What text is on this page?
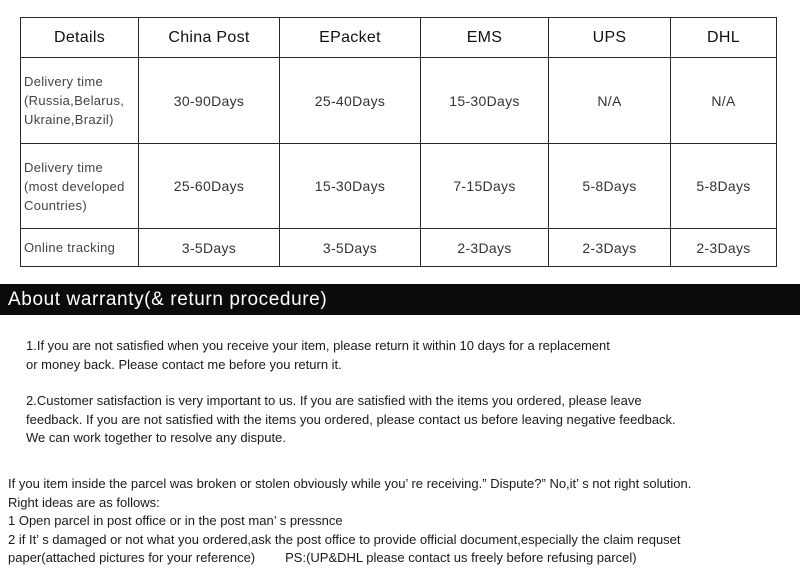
Details	China Post	EPacket	EMS	UPS	DHL
Delivery time
(Russia,Belarus,
Ukraine,Brazil)	30-90Days	25-40Days	15-30Days	N/A	N/A
Delivery time
(most developed
Countries)	25-60Days	15-30Days	7-15Days	5-8Days	5-8Days
Online tracking	3-5Days	3-5Days	2-3Days	2-3Days	2-3Days
About warranty(& return procedure)

1.If you are not satisfied when you receive your item, please return it within 10 days for a replacement
or money back. Please contact me before you return it.

2.Customer satisfaction is very important to us. If you are satisfied with the items you ordered, please leave
feedback. If you are not satisfied with the items you ordered, please contact us before leaving negative feedback.
We can work together to resolve any dispute.

If you item inside the parcel was broken or stolen obviously while you’ re receiving.” Dispute?” No,it’ s not right solution.
Right ideas are as follows:
1 Open parcel in post office or in the post man’ s pressnce
2 if It’ s damaged or not what you ordered,ask the post office to provide official document,especially the claim requset
paper(attached pictures for your reference) PS:(UP&DHL please contact us freely before refusing parcel)
